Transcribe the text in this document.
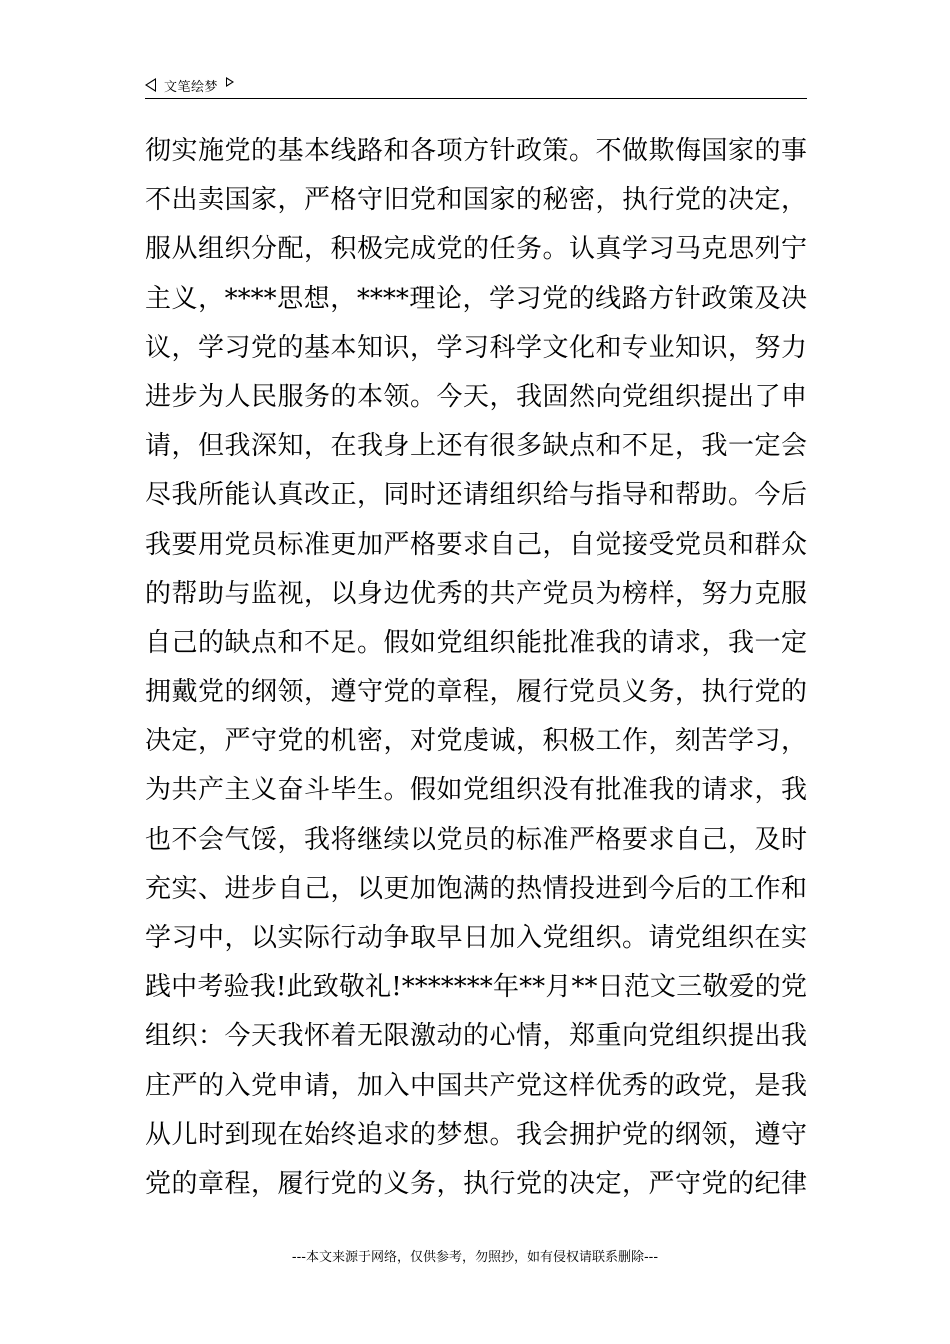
文笔绘梦
彻实施党的基本线路和各项方针政策。不做欺侮国家的事
不出卖国家，严格守旧党和国家的秘密，执行党的决定，
服从组织分配，积极完成党的任务。认真学习马克思列宁
主义，****思想，****理论，学习党的线路方针政策及决
议，学习党的基本知识，学习科学文化和专业知识，努力
进步为人民服务的本领。今天，我固然向党组织提出了申
请，但我深知，在我身上还有很多缺点和不足，我一定会
尽我所能认真改正，同时还请组织给与指导和帮助。今后
我要用党员标准更加严格要求自己，自觉接受党员和群众
的帮助与监视，以身边优秀的共产党员为榜样，努力克服
自己的缺点和不足。假如党组织能批准我的请求，我一定
拥戴党的纲领，遵守党的章程，履行党员义务，执行党的
决定，严守党的机密，对党虔诚，积极工作，刻苦学习，
为共产主义奋斗毕生。假如党组织没有批准我的请求，我
也不会气馁，我将继续以党员的标准严格要求自己，及时
充实、进步自己，以更加饱满的热情投进到今后的工作和
学习中，以实际行动争取早日加入党组织。请党组织在实
践中考验我!此致敬礼!*******年**月**日范文三敬爱的党
组织：今天我怀着无限激动的心情，郑重向党组织提出我
庄严的入党申请，加入中国共产党这样优秀的政党，是我
从儿时到现在始终追求的梦想。我会拥护党的纲领，遵守
党的章程，履行党的义务，执行党的决定，严守党的纪律
---本文来源于网络，仅供参考，勿照抄，如有侵权请联系删除---
